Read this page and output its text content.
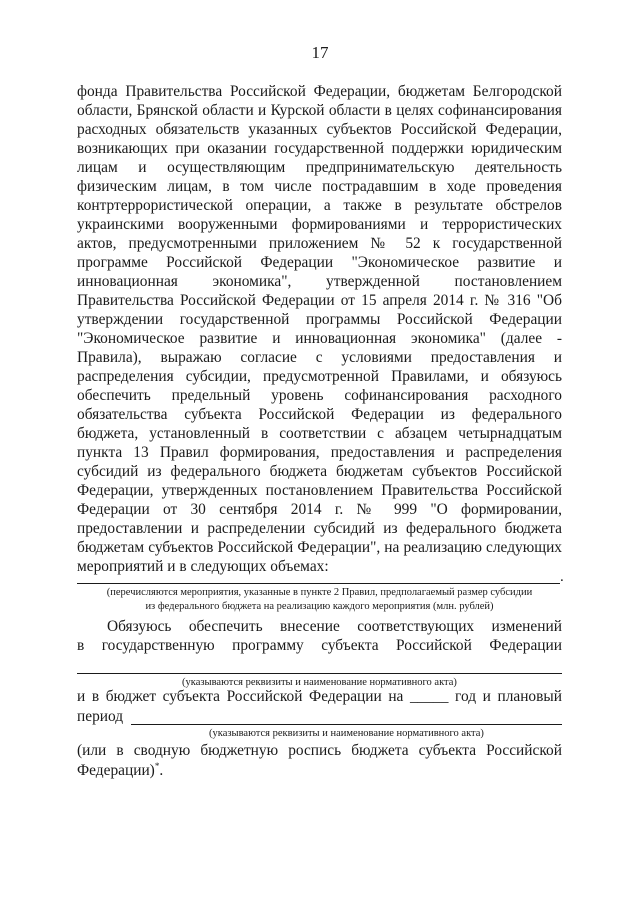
17

фонда Правительства Российской Федерации, бюджетам Белгородской области, Брянской области и Курской области в целях софинансирования расходных обязательств указанных субъектов Российской Федерации, возникающих при оказании государственной поддержки юридическим лицам и осуществляющим предпринимательскую деятельность физическим лицам, в том числе пострадавшим в ходе проведения контртеррористической операции, а также в результате обстрелов украинскими вооруженными формированиями и террористических актов, предусмотренными приложением № 52 к государственной программе Российской Федерации "Экономическое развитие и инновационная экономика", утвержденной постановлением Правительства Российской Федерации от 15 апреля 2014 г. № 316 "Об утверждении государственной программы Российской Федерации "Экономическое развитие и инновационная экономика" (далее - Правила), выражаю согласие с условиями предоставления и распределения субсидии, предусмотренной Правилами, и обязуюсь обеспечить предельный уровень софинансирования расходного обязательства субъекта Российской Федерации из федерального бюджета, установленный в соответствии с абзацем четырнадцатым пункта 13 Правил формирования, предоставления и распределения субсидий из федерального бюджета бюджетам субъектов Российской Федерации, утвержденных постановлением Правительства Российской Федерации от 30 сентября 2014 г. № 999 "О формировании, предоставлении и распределении субсидий из федерального бюджета бюджетам субъектов Российской Федерации", на реализацию следующих мероприятий и в следующих объемах:

.
(перечисляются мероприятия, указанные в пункте 2 Правил, предполагаемый размер субсидии
из федерального бюджета на реализацию каждого мероприятия (млн. рублей)
Обязуюсь обеспечить внесение соответствующих изменений
в государственную программу субъекта Российской Федерации
(указываются реквизиты и наименование нормативного акта)
и в бюджет субъекта Российской Федерации на _____ год и плановый
период
(указываются реквизиты и наименование нормативного акта)
(или в сводную бюджетную роспись бюджета субъекта Российской
Федерации)*.
